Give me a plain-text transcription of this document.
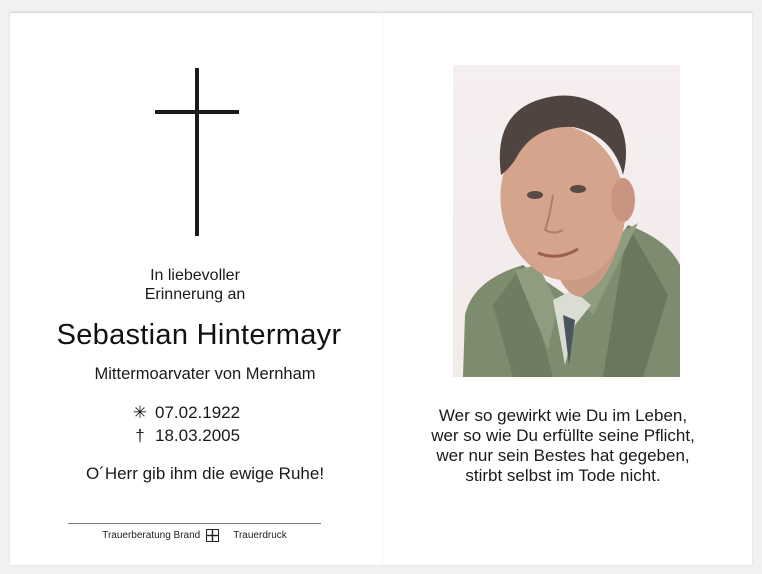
In liebevoller
Erinnerung an
Sebastian Hintermayr
Mittermoarvater von Mernham
✳ 07.02.1922
† 18.03.2005
O´Herr gib ihm die ewige Ruhe!
Trauerberatung Brand	Trauerdruck
Wer so gewirkt wie Du im Leben,
wer so wie Du erfüllte seine Pflicht,
wer nur sein Bestes hat gegeben,
stirbt selbst im Tode nicht.
